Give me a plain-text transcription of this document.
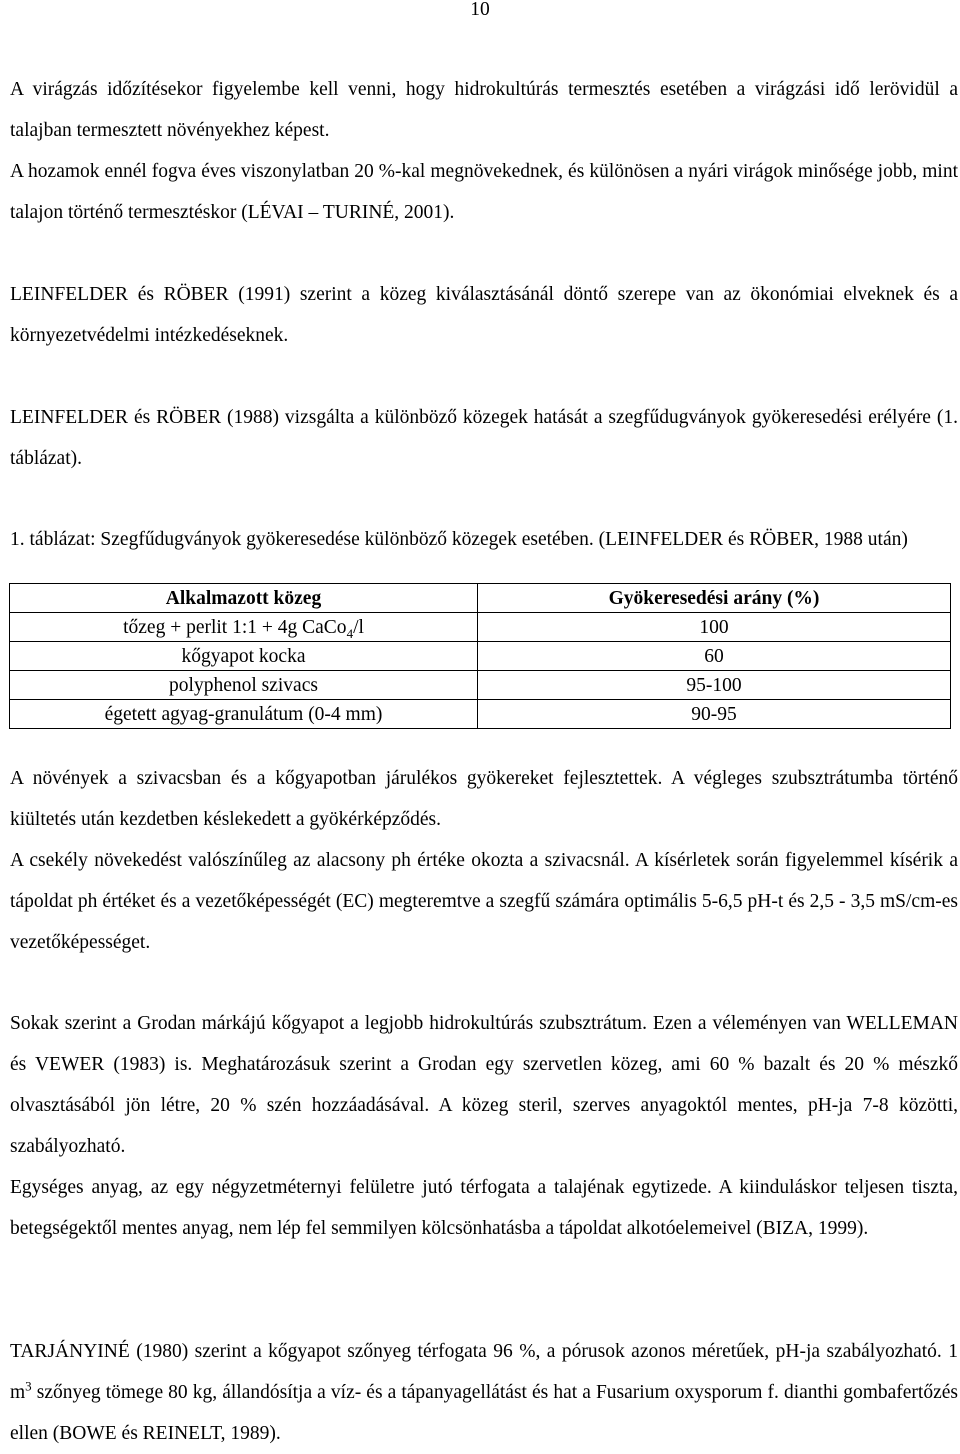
10

A virágzás időzítésekor figyelembe kell venni, hogy hidrokultúrás termesztés esetében a virágzási idő lerövidül a talajban termesztett növényekhez képest.

A hozamok ennél fogva éves viszonylatban 20 %-kal megnövekednek, és különösen a nyári virágok minősége jobb, mint talajon történő termesztéskor (LÉVAI – TURINÉ, 2001).

LEINFELDER és RÖBER (1991) szerint a közeg kiválasztásánál döntő szerepe van az ökonómiai elveknek és a környezetvédelmi intézkedéseknek.

LEINFELDER és RÖBER (1988) vizsgálta a különböző közegek hatását a szegfűdugványok gyökeresedési erélyére (1. táblázat).

1. táblázat: Szegfűdugványok gyökeresedése különböző közegek esetében. (LEINFELDER és RÖBER, 1988 után)

Alkalmazott közeg	Gyökeresedési arány (%)
tőzeg + perlit 1:1 + 4g CaCo$_4$/l	100
kőgyapot kocka	60
polyphenol szivacs	95-100
égetett agyag-granulátum (0-4 mm)	90-95

A növények a szivacsban és a kőgyapotban járulékos gyökereket fejlesztettek. A végleges szubsztrátumba történő kiültetés után kezdetben késlekedett a gyökérképződés.

A csekély növekedést valószínűleg az alacsony ph értéke okozta a szivacsnál. A kísérletek során figyelemmel kísérik a tápoldat ph értéket és a vezetőképességét (EC) megteremtve a szegfű számára optimális 5-6,5 pH-t és 2,5 - 3,5 mS/cm-es vezetőképességet.

Sokak szerint a Grodan márkájú kőgyapot a legjobb hidrokultúrás szubsztrátum. Ezen a véleményen van WELLEMAN és VEWER (1983) is. Meghatározásuk szerint a Grodan egy szervetlen közeg, ami 60 % bazalt és 20 % mészkő olvasztásából jön létre, 20 % szén hozzáadásával. A közeg steril, szerves anyagoktól mentes, pH-ja 7-8 közötti, szabályozható.

Egységes anyag, az egy négyzetméternyi felületre jutó térfogata a talajénak egytizede. A kiinduláskor teljesen tiszta, betegségektől mentes anyag, nem lép fel semmilyen kölcsönhatásba a tápoldat alkotóelemeivel (BIZA, 1999).

TARJÁNYINÉ (1980) szerint a kőgyapot szőnyeg térfogata 96 %, a pórusok azonos méretűek, pH-ja szabályozható. 1 $m^3$ szőnyeg tömege 80 kg, állandósítja a víz- és a tápanyagellátást és hat a Fusarium oxysporum f. dianthi gombafertőzés ellen (BOWE és REINELT, 1989).
